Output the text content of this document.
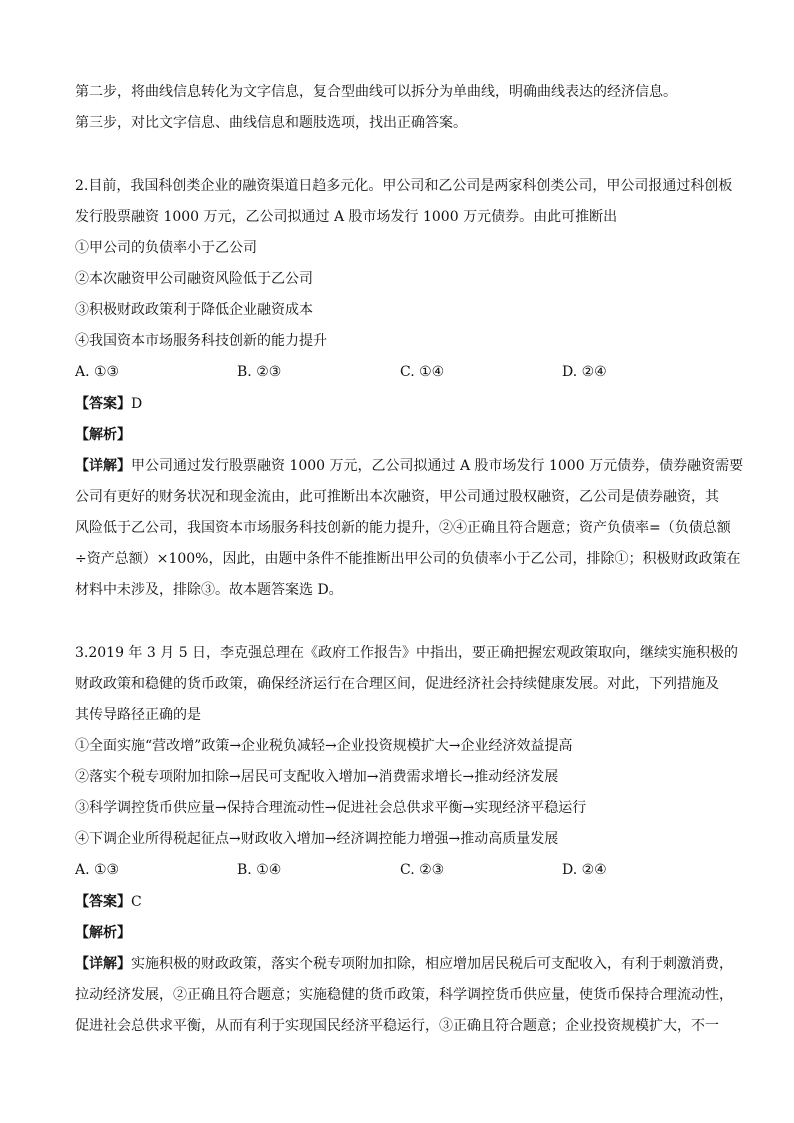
第二步，将曲线信息转化为文字信息，复合型曲线可以拆分为单曲线，明确曲线表达的经济信息。
第三步，对比文字信息、曲线信息和题肢选项，找出正确答案。
2.目前，我国科创类企业的融资渠道日趋多元化。甲公司和乙公司是两家科创类公司，甲公司报通过科创板
发行股票融资 1000 万元，乙公司拟通过 A 股市场发行 1000 万元债券。由此可推断出
①甲公司的负债率小于乙公司
②本次融资甲公司融资风险低于乙公司
③积极财政政策利于降低企业融资成本
④我国资本市场服务科技创新的能力提升
A. ①③	B. ②③	C. ①④	D. ②④
【答案】D
【解析】
【详解】甲公司通过发行股票融资 1000 万元，乙公司拟通过 A 股市场发行 1000 万元债券，债券融资需要
公司有更好的财务状况和现金流由，此可推断出本次融资，甲公司通过股权融资，乙公司是债券融资，其
风险低于乙公司，我国资本市场服务科技创新的能力提升，②④正确且符合题意；资产负债率=（负债总额
÷资产总额）×100%，因此，由题中条件不能推断出甲公司的负债率小于乙公司，排除①；积极财政政策在
材料中未涉及，排除③。故本题答案选 D。
3.2019 年 3 月 5 日，李克强总理在《政府工作报告》中指出，要正确把握宏观政策取向，继续实施积极的
财政政策和稳健的货币政策，确保经济运行在合理区间，促进经济社会持续健康发展。对此，下列措施及
其传导路径正确的是
①全面实施“营改增”政策→企业税负减轻→企业投资规模扩大→企业经济效益提高
②落实个税专项附加扣除→居民可支配收入增加→消费需求增长→推动经济发展
③科学调控货币供应量→保持合理流动性→促进社会总供求平衡→实现经济平稳运行
④下调企业所得税起征点→财政收入增加→经济调控能力增强→推动高质量发展
A. ①③	B. ①④	C. ②③	D. ②④
【答案】C
【解析】
【详解】实施积极的财政政策，落实个税专项附加扣除，相应增加居民税后可支配收入，有利于刺激消费，
拉动经济发展，②正确且符合题意；实施稳健的货币政策，科学调控货币供应量，使货币保持合理流动性，
促进社会总供求平衡，从而有利于实现国民经济平稳运行，③正确且符合题意；企业投资规模扩大，不一
